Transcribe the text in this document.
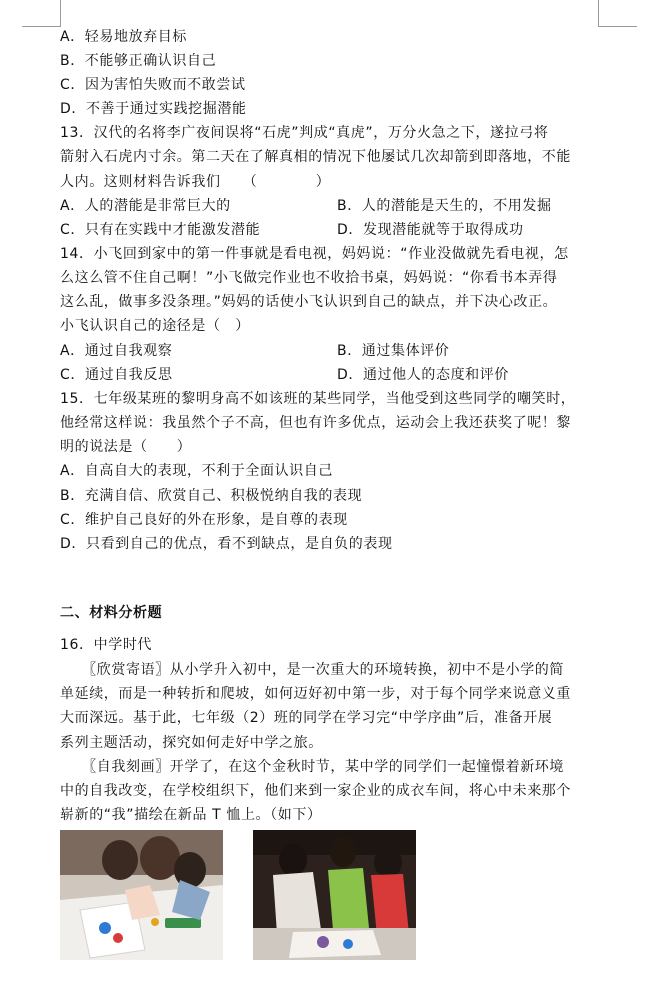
A．轻易地放弃目标
B．不能够正确认识自己
C．因为害怕失败而不敢尝试
D．不善于通过实践挖掘潜能
13．汉代的名将李广夜间误将“石虎”判成“真虎”，万分火急之下，遂拉弓将
箭射入石虎内寸余。第二天在了解真相的情况下他屡试几次却箭到即落地，不能
人内。这则材料告诉我们　　（　　　　）
A．人的潜能是非常巨大的	B．人的潜能是天生的，不用发掘
C．只有在实践中才能激发潜能	D．发现潜能就等于取得成功
14．小飞回到家中的第一件事就是看电视，妈妈说：“作业没做就先看电视，怎
么这么管不住自己啊！”小飞做完作业也不收拾书桌，妈妈说：“你看书本弄得
这么乱，做事多没条理。”妈妈的话使小飞认识到自己的缺点，并下决心改正。
小飞认识自己的途径是（　）
A．通过自我观察	B．通过集体评价
C．通过自我反思	D．通过他人的态度和评价
15．七年级某班的黎明身高不如该班的某些同学，当他受到这些同学的嘲笑时，
他经常这样说：我虽然个子不高，但也有许多优点，运动会上我还获奖了呢！黎
明的说法是（　　）
A．自高自大的表现，不利于全面认识自己
B．充满自信、欣赏自己、积极悦纳自我的表现
C．维护自己良好的外在形象，是自尊的表现
D．只看到自己的优点，看不到缺点，是自负的表现
二、材料分析题
16．中学时代
　　〖欣赏寄语〗从小学升入初中，是一次重大的环境转换，初中不是小学的简
单延续，而是一种转折和爬坡，如何迈好初中第一步，对于每个同学来说意义重
大而深远。基于此，七年级（2）班的同学在学习完“中学序曲”后，准备开展
系列主题活动，探究如何走好中学之旅。
　　〖自我刻画〗开学了，在这个金秋时节，某中学的同学们一起憧憬着新环境
中的自我改变，在学校组织下，他们来到一家企业的成衣车间，将心中未来那个
崭新的“我”描绘在新品 T 恤上。（如下）
